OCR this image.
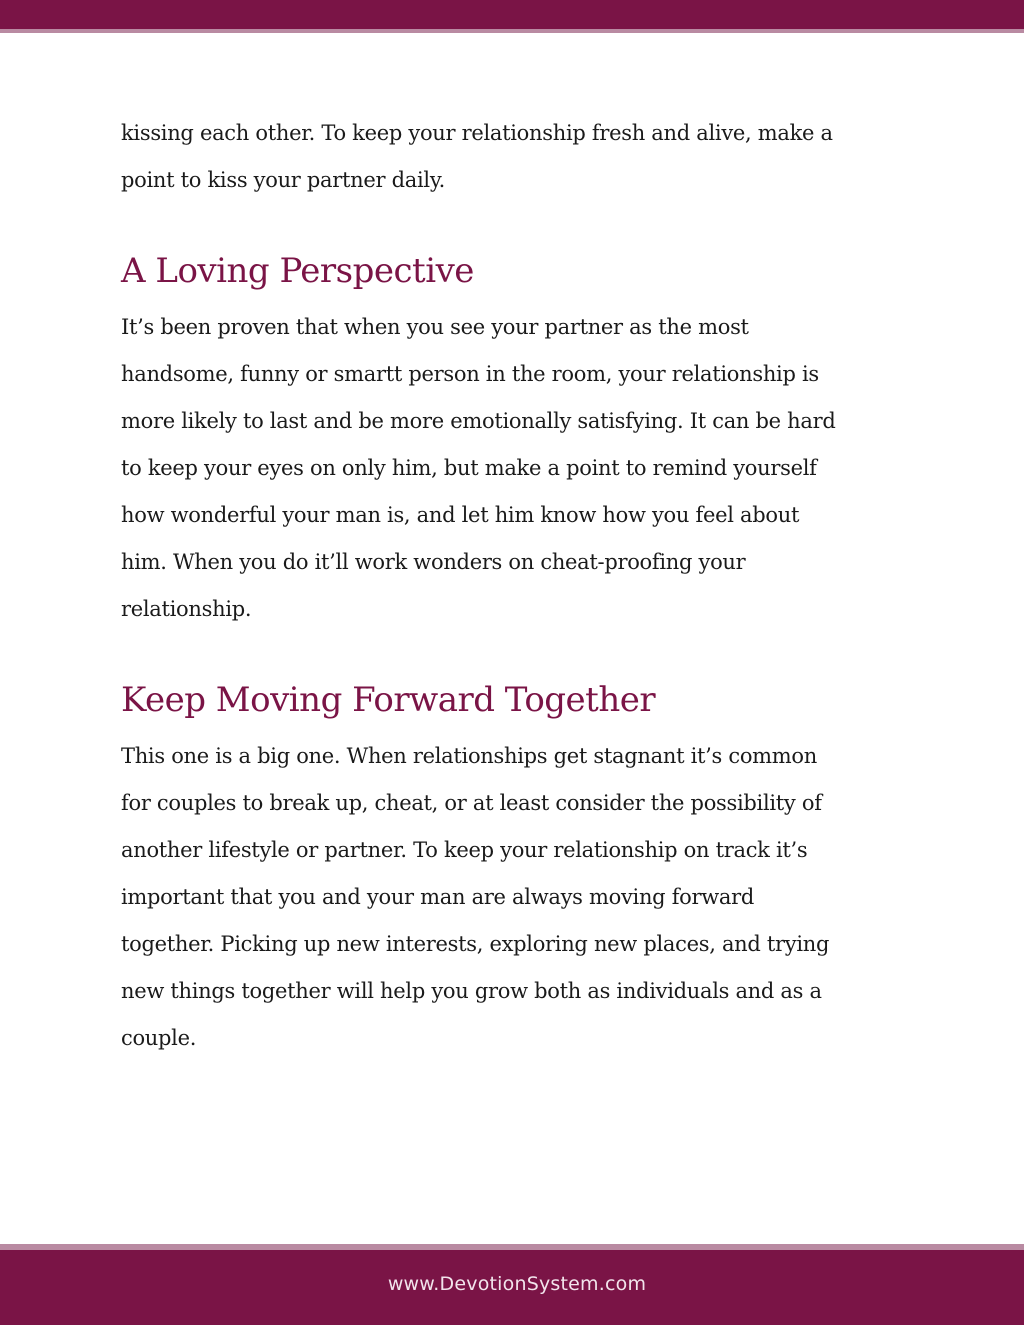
kissing each other. To keep your relationship fresh and alive, make a
point to kiss your partner daily.

A Loving Perspective

It’s been proven that when you see your partner as the most
handsome, funny or smartt person in the room, your relationship is
more likely to last and be more emotionally satisfying. It can be hard
to keep your eyes on only him, but make a point to remind yourself
how wonderful your man is, and let him know how you feel about
him. When you do it’ll work wonders on cheat-proofing your
relationship.

Keep Moving Forward Together

This one is a big one. When relationships get stagnant it’s common
for couples to break up, cheat, or at least consider the possibility of
another lifestyle or partner. To keep your relationship on track it’s
important that you and your man are always moving forward
together. Picking up new interests, exploring new places, and trying
new things together will help you grow both as individuals and as a
couple.

www.DevotionSystem.com
